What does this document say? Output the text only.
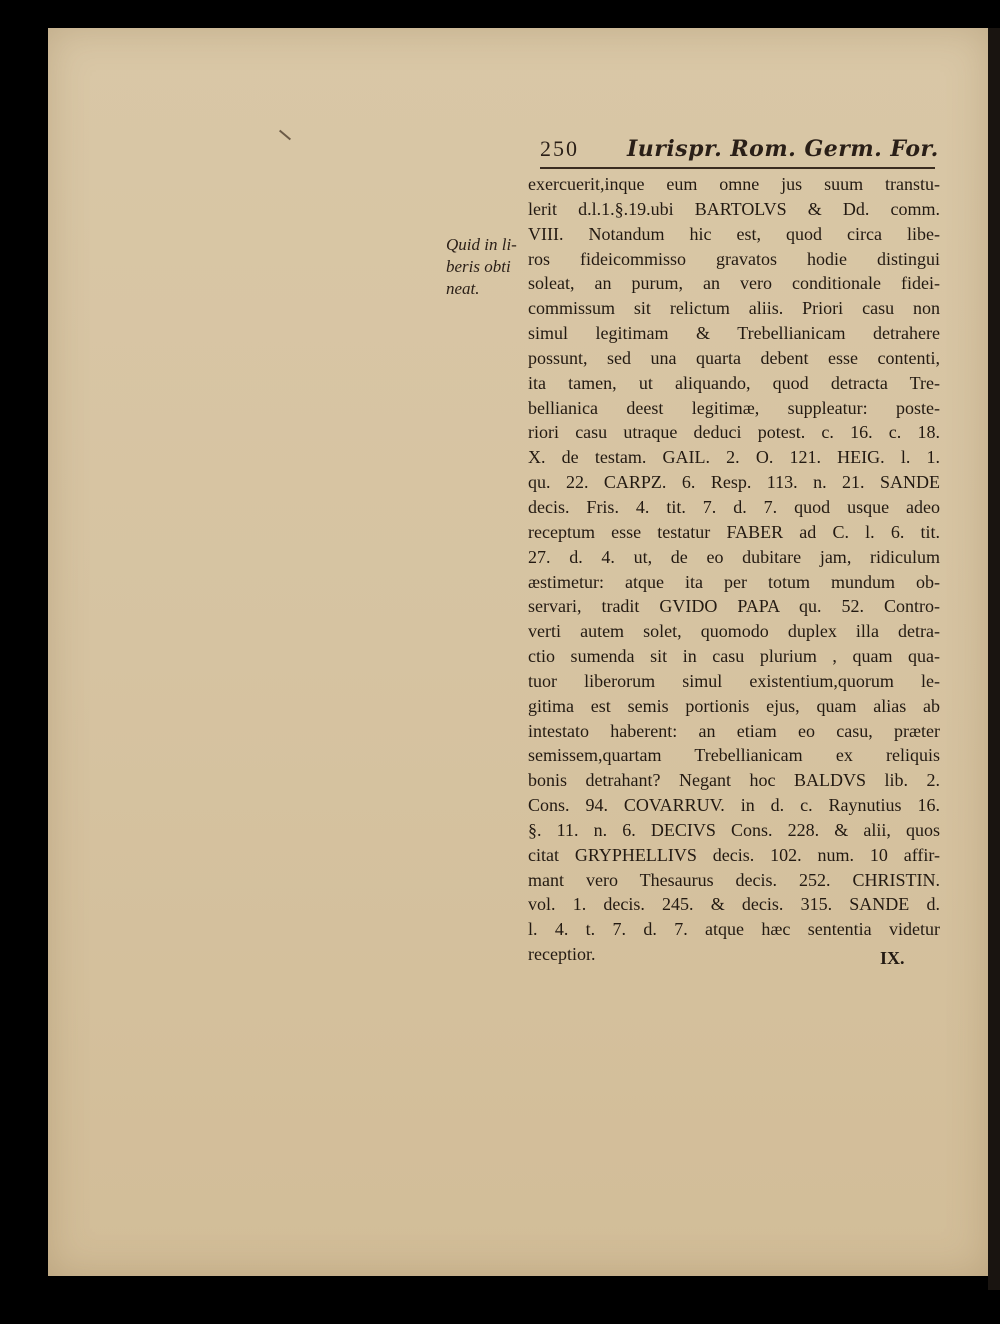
250 Iurispr. Rom. Germ. For.
Quid in li-
beris obti
neat.
exercuerit,inque eum omne jus suum transtu-
lerit d.l.1.§.19.ubi BARTOLVS & Dd. comm.
VIII. Notandum hic est, quod circa libe-
ros fideicommisso gravatos hodie distingui
soleat, an purum, an vero conditionale fidei-
commissum sit relictum aliis. Priori casu non
simul legitimam & Trebellianicam detrahere
possunt, sed una quarta debent esse contenti,
ita tamen, ut aliquando, quod detracta Tre-
bellianica deest legitimæ, suppleatur: poste-
riori casu utraque deduci potest. c. 16. c. 18.
X. de testam. GAIL. 2. O. 121. HEIG. l. 1.
qu. 22. CARPZ. 6. Resp. 113. n. 21. SANDE
decis. Fris. 4. tit. 7. d. 7. quod usque adeo
receptum esse testatur FABER ad C. l. 6. tit.
27. d. 4. ut, de eo dubitare jam, ridiculum
æstimetur: atque ita per totum mundum ob-
servari, tradit GVIDO PAPA qu. 52. Contro-
verti autem solet, quomodo duplex illa detra-
ctio sumenda sit in casu plurium , quam qua-
tuor liberorum simul existentium,quorum le-
gitima est semis portionis ejus, quam alias ab
intestato haberent: an etiam eo casu, præter
semissem,quartam Trebellianicam ex reliquis
bonis detrahant? Negant hoc BALDVS lib. 2.
Cons. 94. COVARRUV. in d. c. Raynutius 16.
§. 11. n. 6. DECIVS Cons. 228. & alii, quos
citat GRYPHELLIVS decis. 102. num. 10 affir-
mant vero Thesaurus decis. 252. CHRISTIN.
vol. 1. decis. 245. & decis. 315. SANDE d.
l. 4. t. 7. d. 7. atque hæc sententia videtur
receptior.	IX.
